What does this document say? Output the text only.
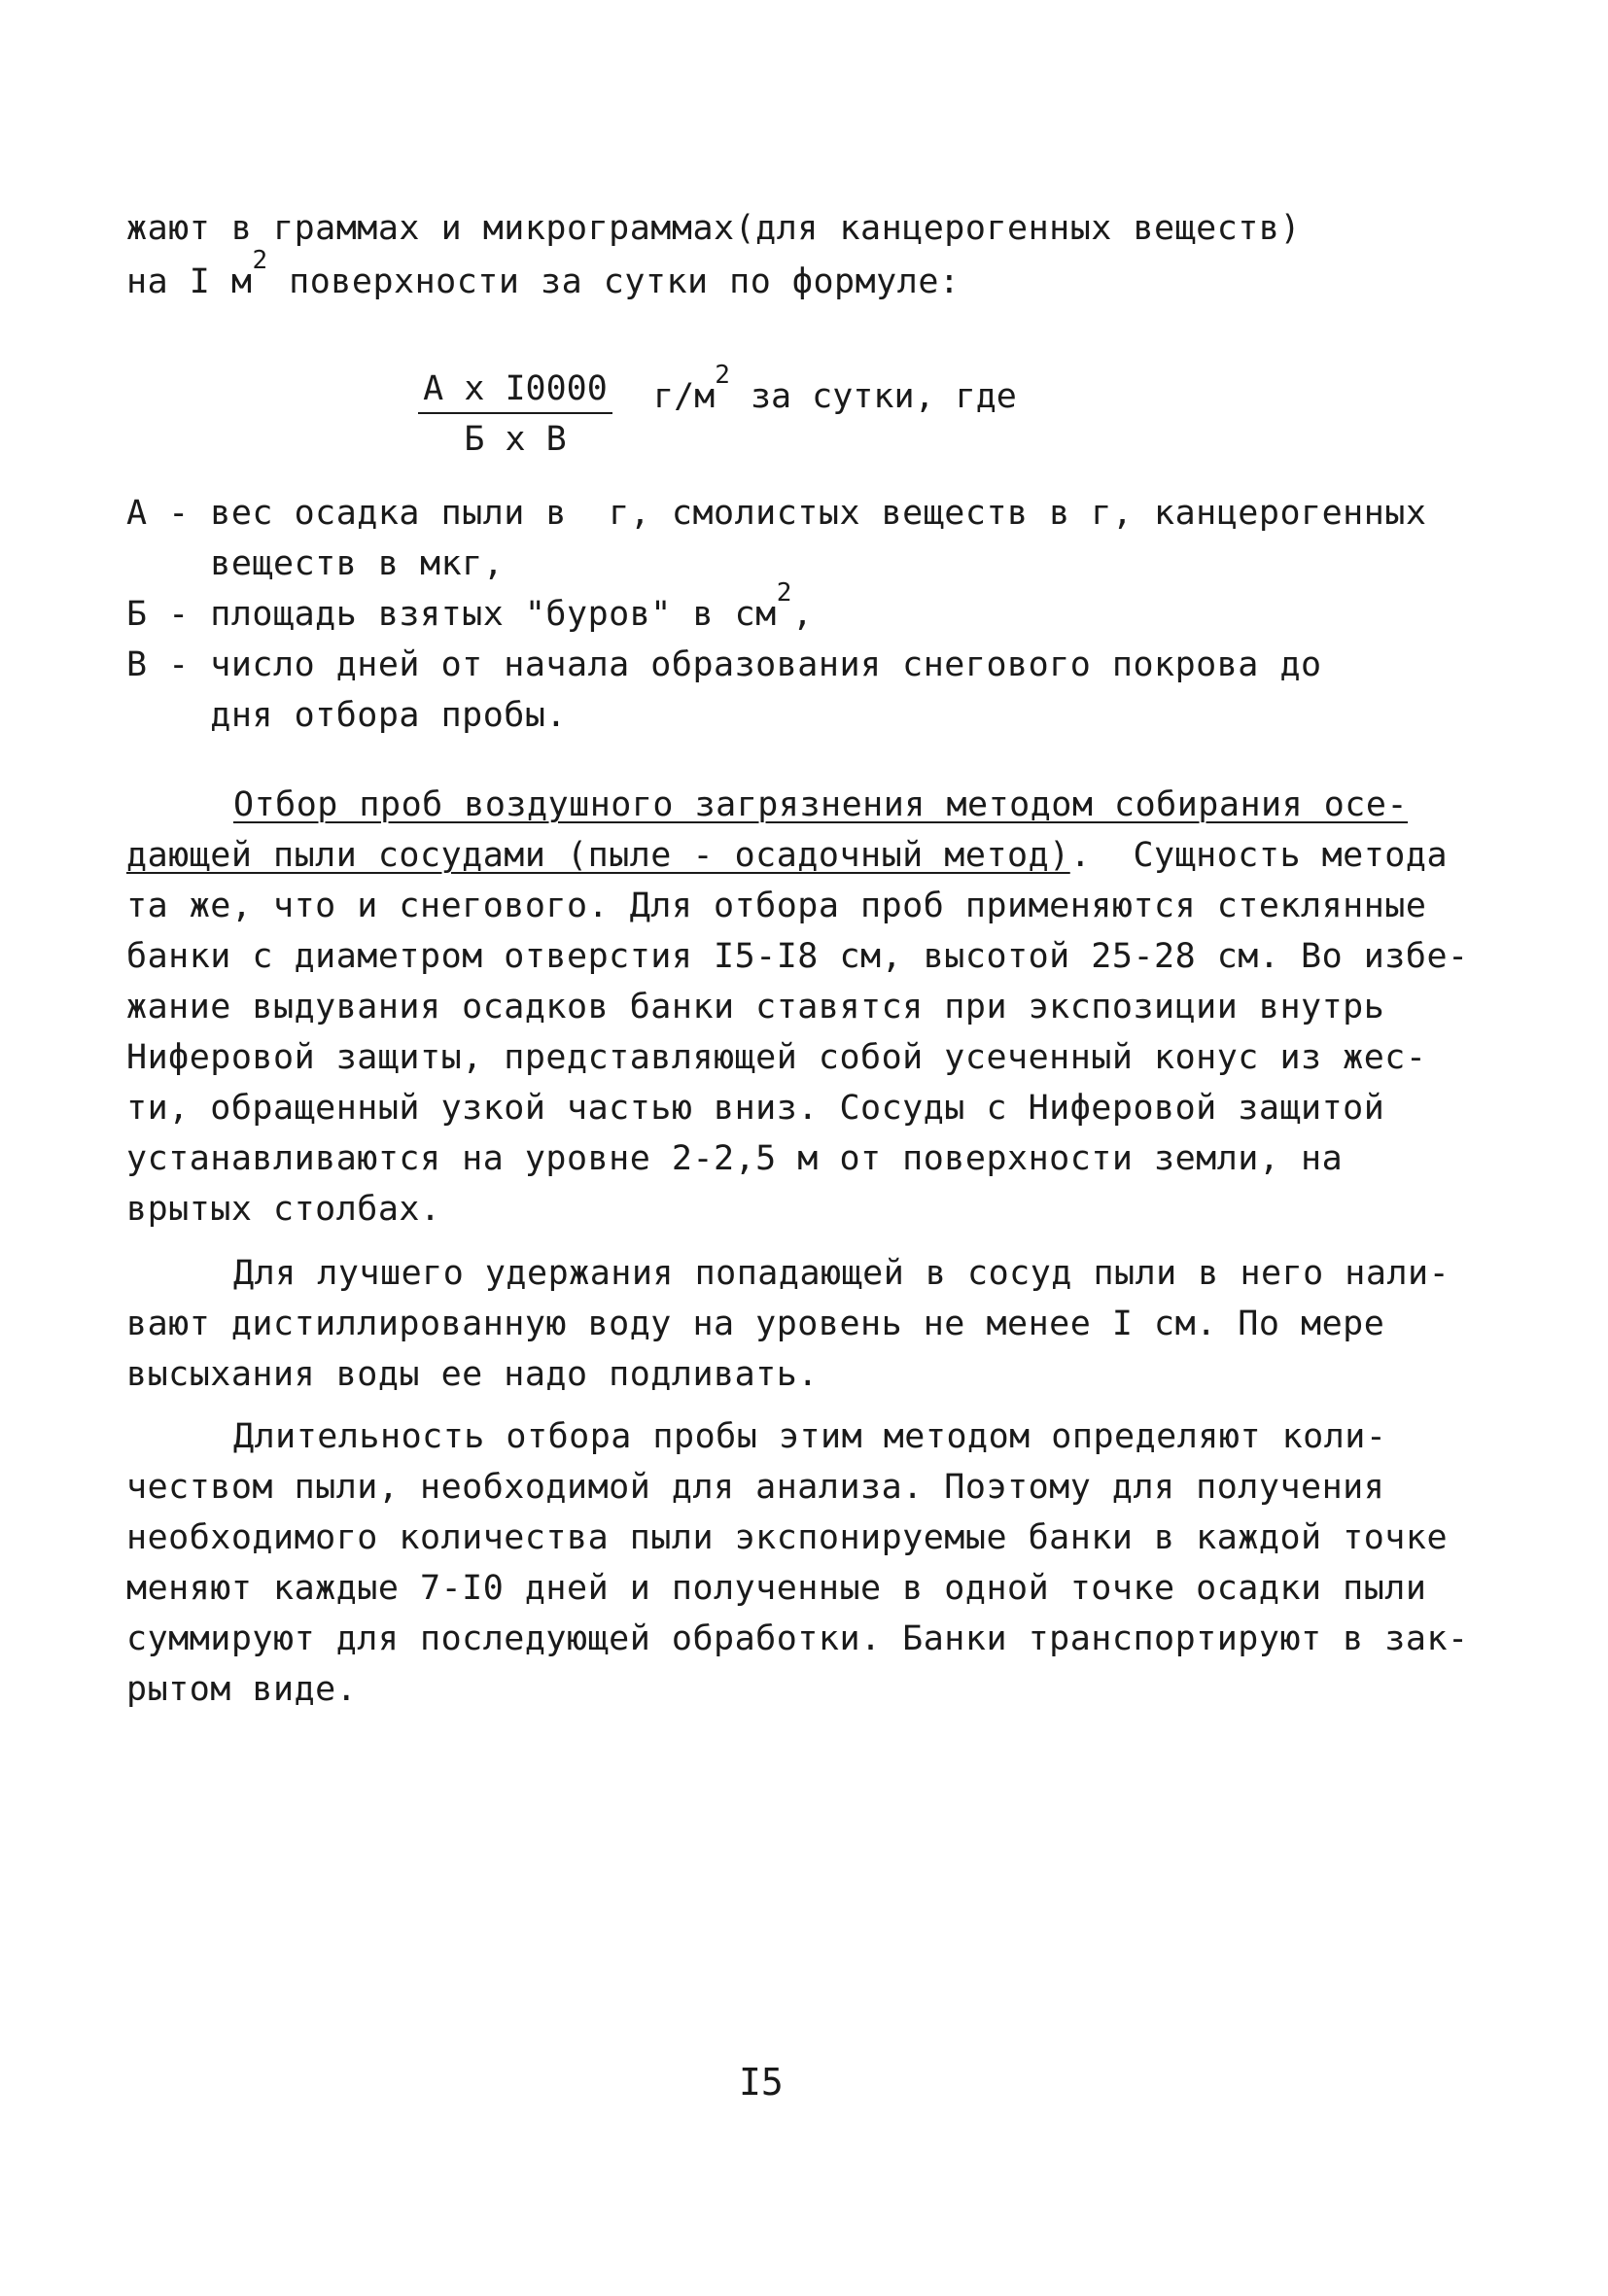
жают в граммах и микрограммах(для канцерогенных веществ)
на I $м^2$ поверхности за сутки по формуле:
А х I0000
Б х В
$г/м^2$ за сутки, где
А - вес осадка пыли в  г, смолистых веществ в г, канцерогенных
веществ в мкг,
Б - площадь взятых "буров" в $см^2$,
В - число дней от начала образования снегового покрова до
дня отбора пробы.
Отбор проб воздушного загрязнения методом собирания осе-
дающей пыли сосудами (пыле - осадочный метод).  Сущность метода
та же, что и снегового. Для отбора проб применяются стеклянные
банки с диаметром отверстия I5-I8 см, высотой 25-28 см. Во избе-
жание выдувания осадков банки ставятся при экспозиции внутрь
Ниферовой защиты, представляющей собой усеченный конус из жес-
ти, обращенный узкой частью вниз. Сосуды с Ниферовой защитой
устанавливаются на уровне 2-2,5 м от поверхности земли, на
врытых столбах.
Для лучшего удержания попадающей в сосуд пыли в него нали-
вают дистиллированную воду на уровень не менее I см. По мере
высыхания воды ее надо подливать.
Длительность отбора пробы этим методом определяют коли-
чеством пыли, необходимой для анализа. Поэтому для получения
необходимого количества пыли экспонируемые банки в каждой точке
меняют каждые 7-I0 дней и полученные в одной точке осадки пыли
суммируют для последующей обработки. Банки транспортируют в зак-
рытом виде.
I5
